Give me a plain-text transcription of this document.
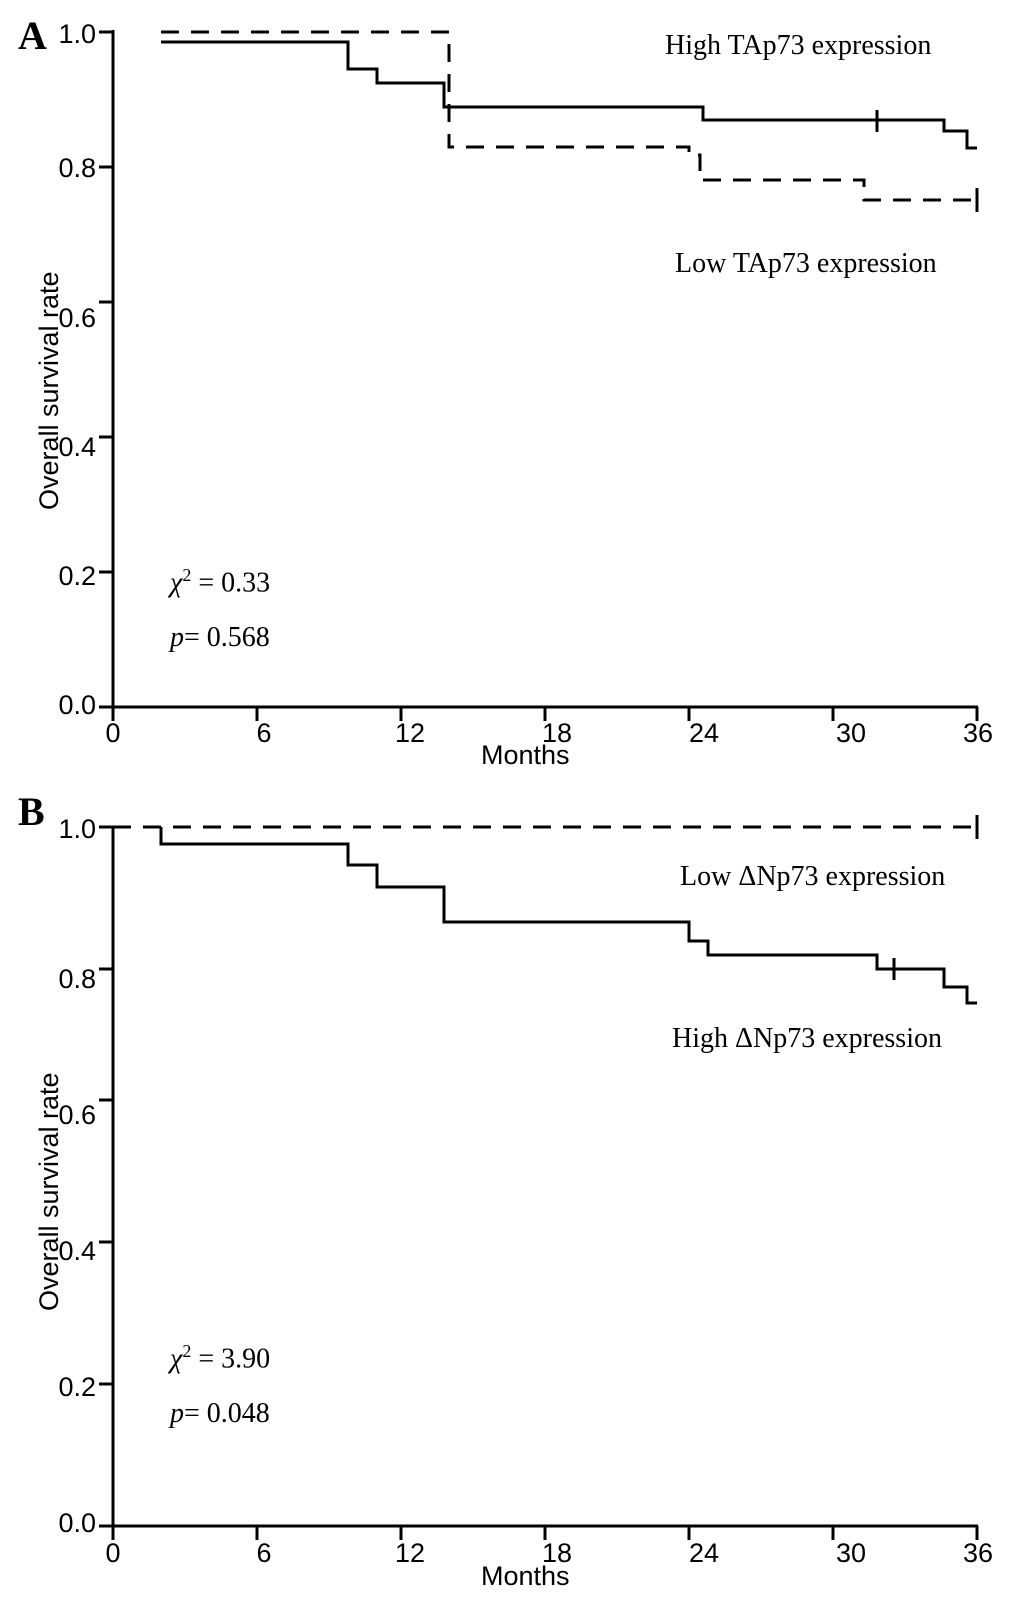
A
Overall survival rate
Months
0.0
0.2
0.4
0.6
0.8
1.0
0	6	12	18	24	30	36
High TAp73 expression
Low TAp73 expression
$\chi^2 = 0.33$
p= 0.568
B
Overall survival rate
Months
0.0
0.2
0.4
0.6
0.8
1.0
0	6	12	18	24	30	36
Low ΔNp73 expression
High ΔNp73 expression
$\chi^2 = 3.90$
p= 0.048
